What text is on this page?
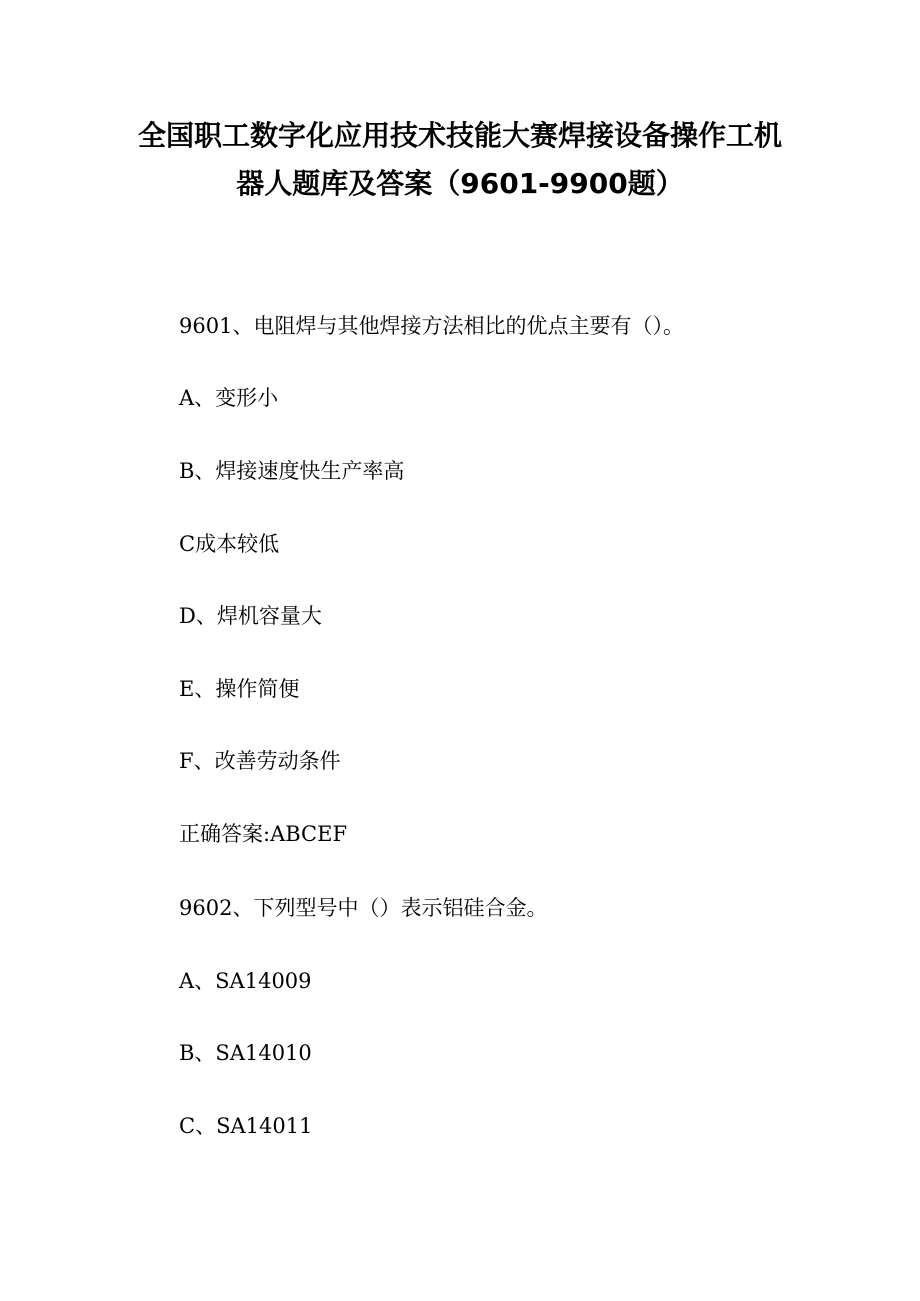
全国职工数字化应用技术技能大赛焊接设备操作工机
器人题库及答案（9601-9900题）
9601、电阻焊与其他焊接方法相比的优点主要有（）。
A、变形小
B、焊接速度快生产率高
C成本较低
D、焊机容量大
E、操作简便
F、改善劳动条件
正确答案:ABCEF
9602、下列型号中（）表示铝硅合金。
A、SA14009
B、SA14010
C、SA14011
